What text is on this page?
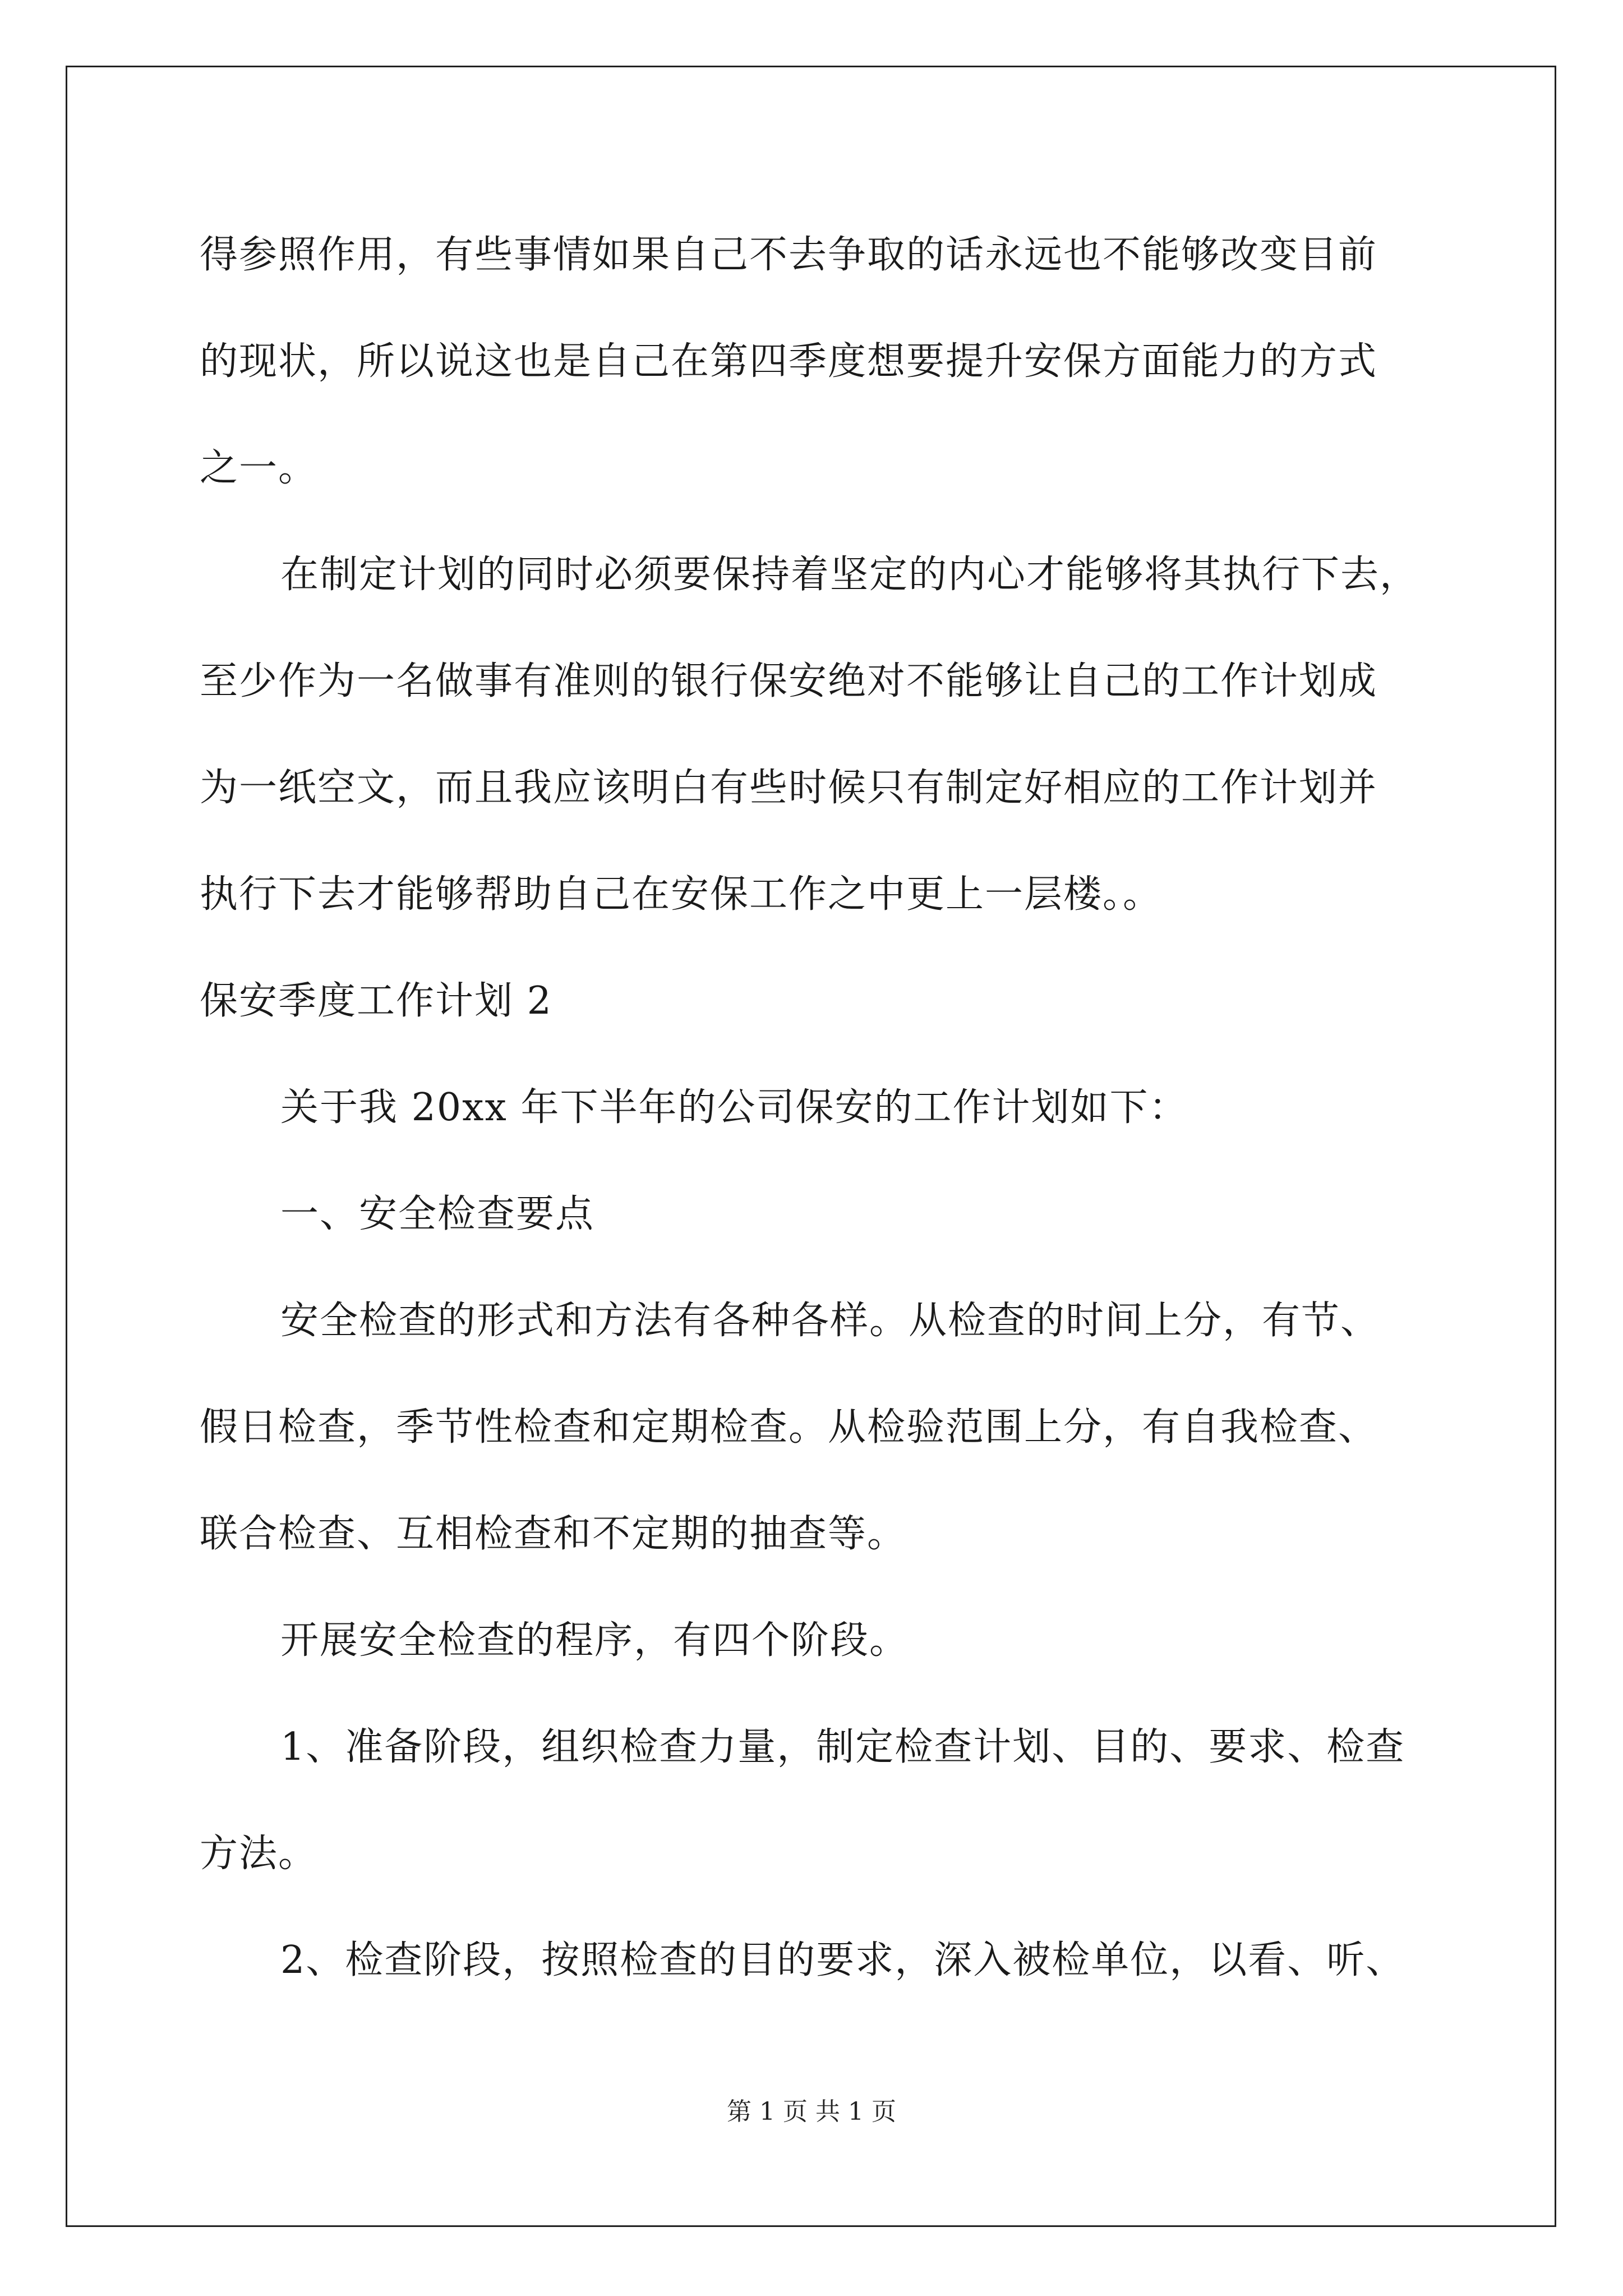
得参照作用，有些事情如果自己不去争取的话永远也不能够改变目前
的现状，所以说这也是自己在第四季度想要提升安保方面能力的方式
之一。
在制定计划的同时必须要保持着坚定的内心才能够将其执行下去，
至少作为一名做事有准则的银行保安绝对不能够让自己的工作计划成
为一纸空文，而且我应该明白有些时候只有制定好相应的工作计划并
执行下去才能够帮助自己在安保工作之中更上一层楼。。
保安季度工作计划 2
关于我 20xx 年下半年的公司保安的工作计划如下：
一、安全检查要点
安全检查的形式和方法有各种各样。从检查的时间上分，有节、
假日检查，季节性检查和定期检查。从检验范围上分，有自我检查、
联合检查、互相检查和不定期的抽查等。
开展安全检查的程序，有四个阶段。
1、准备阶段，组织检查力量，制定检查计划、目的、要求、检查
方法。
2、检查阶段，按照检查的目的要求，深入被检单位，以看、听、
第 1 页 共 1 页
